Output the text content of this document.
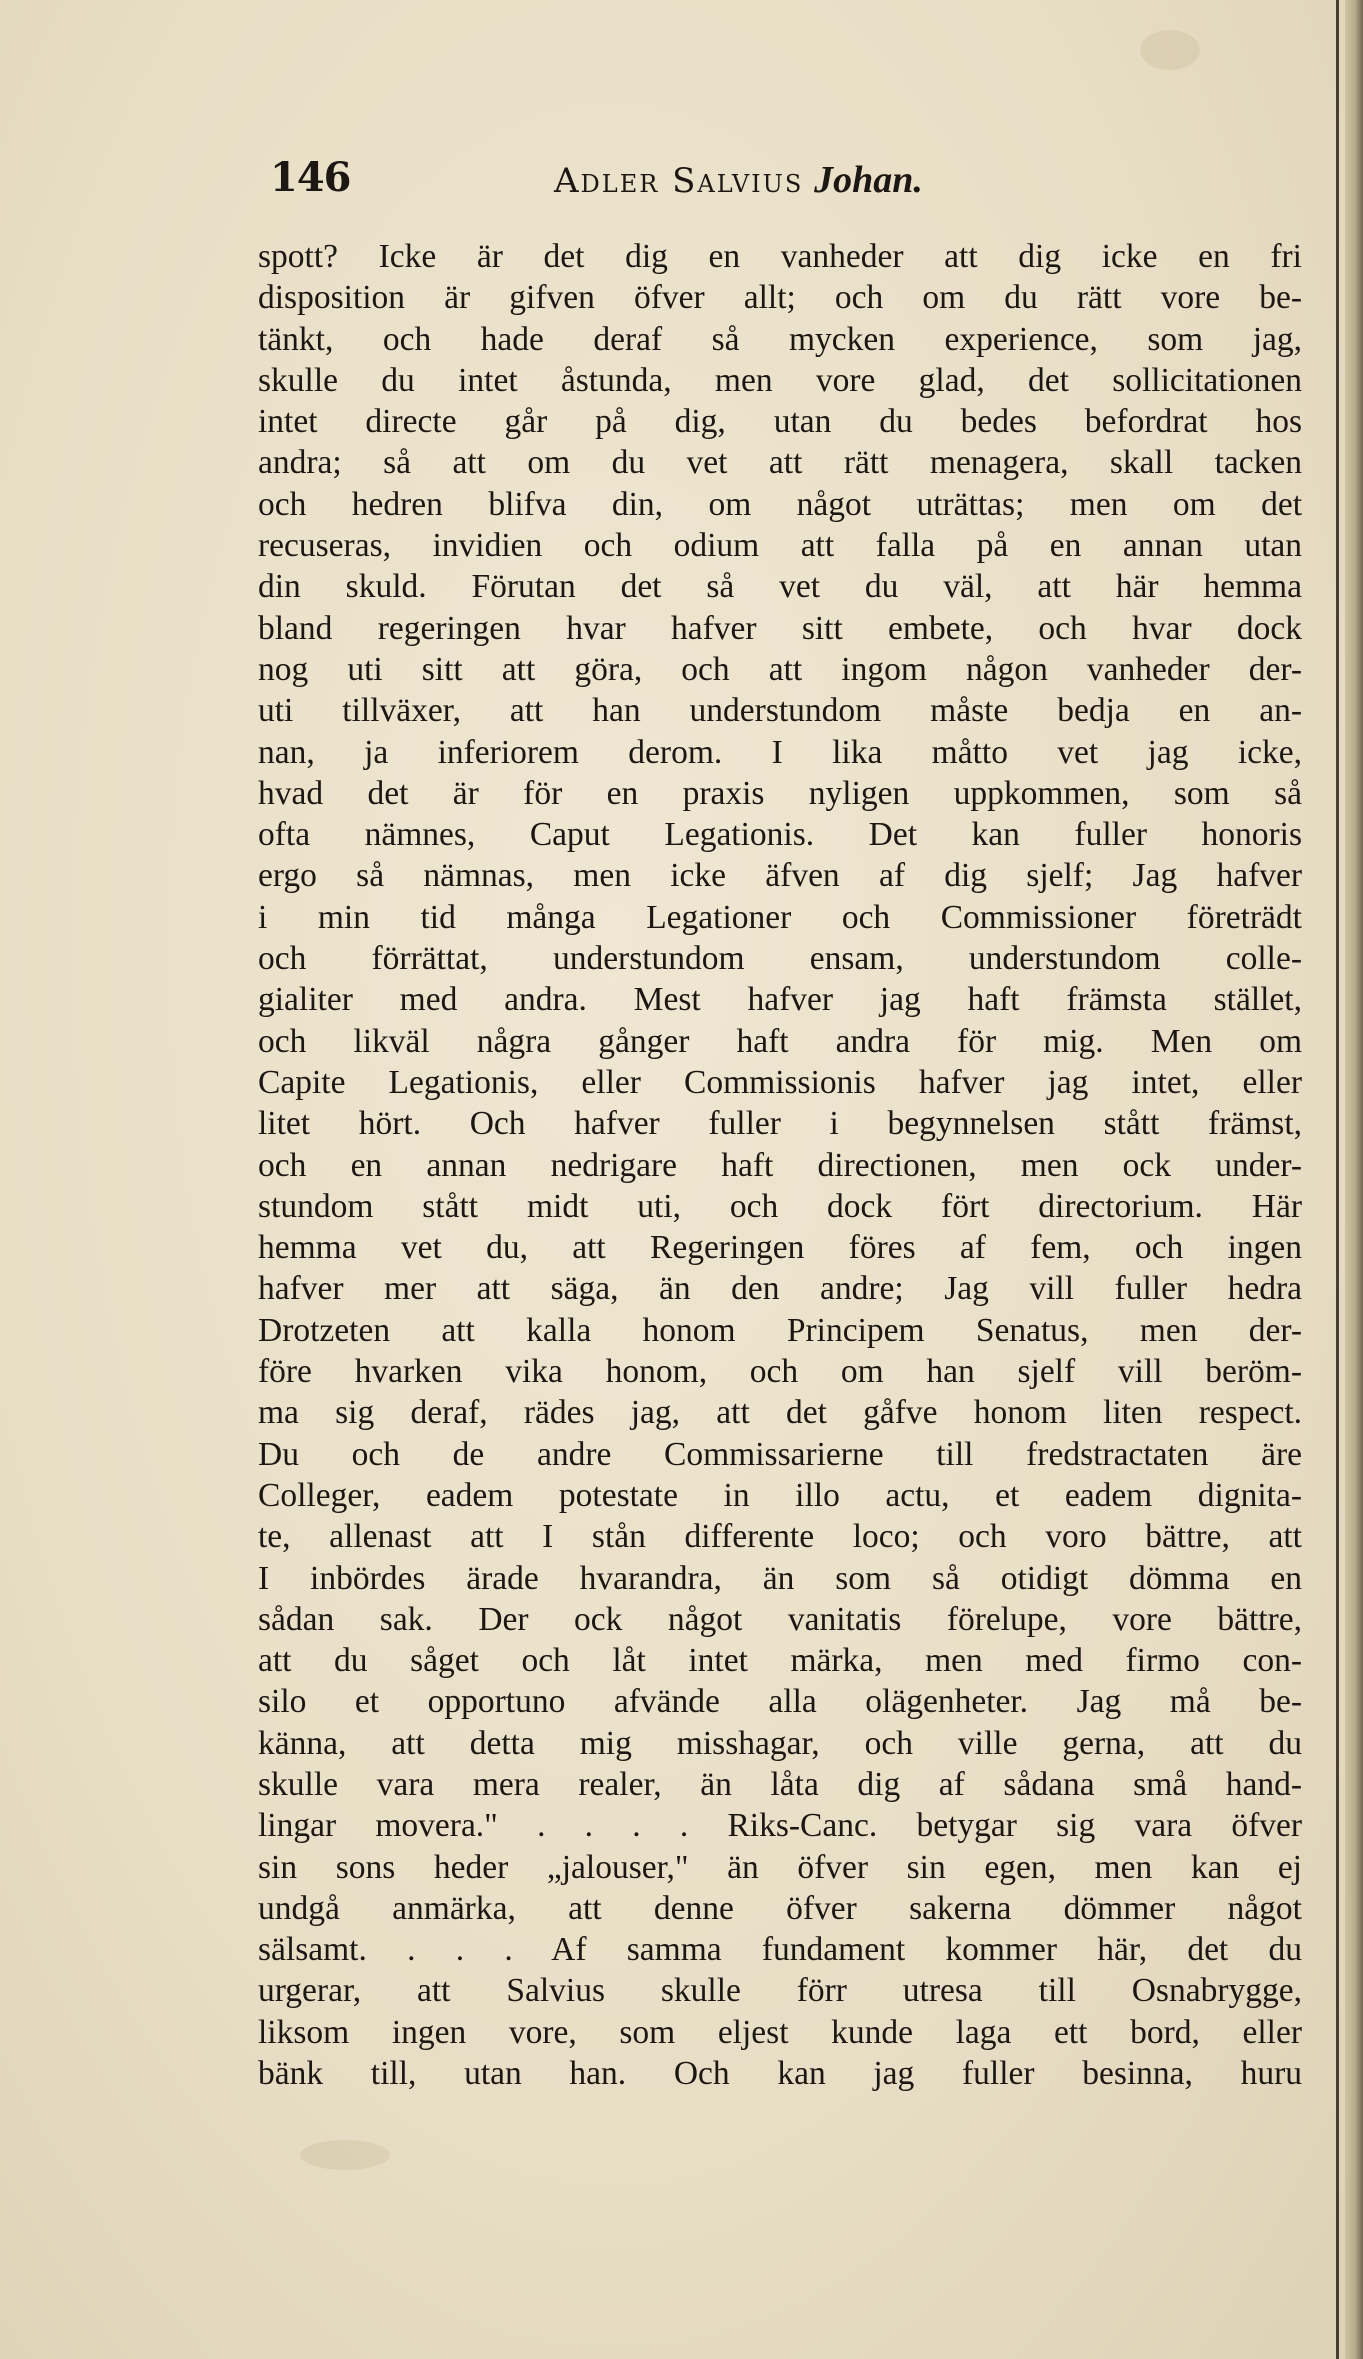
146	Adler Salvius Johan.
spott? Icke är det dig en vanheder att dig icke en fri
disposition är gifven öfver allt; och om du rätt vore be-
tänkt, och hade deraf så mycken experience, som jag,
skulle du intet åstunda, men vore glad, det sollicitationen
intet directe går på dig, utan du bedes befordrat hos
andra; så att om du vet att rätt menagera, skall tacken
och hedren blifva din, om något uträttas; men om det
recuseras, invidien och odium att falla på en annan utan
din skuld. Förutan det så vet du väl, att här hemma
bland regeringen hvar hafver sitt embete, och hvar dock
nog uti sitt att göra, och att ingom någon vanheder der-
uti tillväxer, att han understundom måste bedja en an-
nan, ja inferiorem derom. I lika måtto vet jag icke,
hvad det är för en praxis nyligen uppkommen, som så
ofta nämnes, Caput Legationis. Det kan fuller honoris
ergo så nämnas, men icke äfven af dig sjelf; Jag hafver
i min tid många Legationer och Commissioner företrädt
och förrättat, understundom ensam, understundom colle-
gialiter med andra. Mest hafver jag haft främsta stället,
och likväl några gånger haft andra för mig. Men om
Capite Legationis, eller Commissionis hafver jag intet, eller
litet hört. Och hafver fuller i begynnelsen stått främst,
och en annan nedrigare haft directionen, men ock under-
stundom stått midt uti, och dock fört directorium. Här
hemma vet du, att Regeringen föres af fem, och ingen
hafver mer att säga, än den andre; Jag vill fuller hedra
Drotzeten att kalla honom Principem Senatus, men der-
före hvarken vika honom, och om han sjelf vill beröm-
ma sig deraf, rädes jag, att det gåfve honom liten respect.
Du och de andre Commissarierne till fredstractaten äre
Colleger, eadem potestate in illo actu, et eadem dignita-
te, allenast att I stån differente loco; och voro bättre, att
I inbördes ärade hvarandra, än som så otidigt dömma en
sådan sak. Der ock något vanitatis förelupe, vore bättre,
att du såget och låt intet märka, men med firmo con-
silo et opportuno afvände alla olägenheter. Jag må be-
känna, att detta mig misshagar, och ville gerna, att du
skulle vara mera realer, än låta dig af sådana små hand-
lingar movera." . . . . Riks-Canc. betygar sig vara öfver
sin sons heder „jalouser," än öfver sin egen, men kan ej
undgå anmärka, att denne öfver sakerna dömmer något
sälsamt. . . . Af samma fundament kommer här, det du
urgerar, att Salvius skulle förr utresa till Osnabrygge,
liksom ingen vore, som eljest kunde laga ett bord, eller
bänk till, utan han. Och kan jag fuller besinna, huru
